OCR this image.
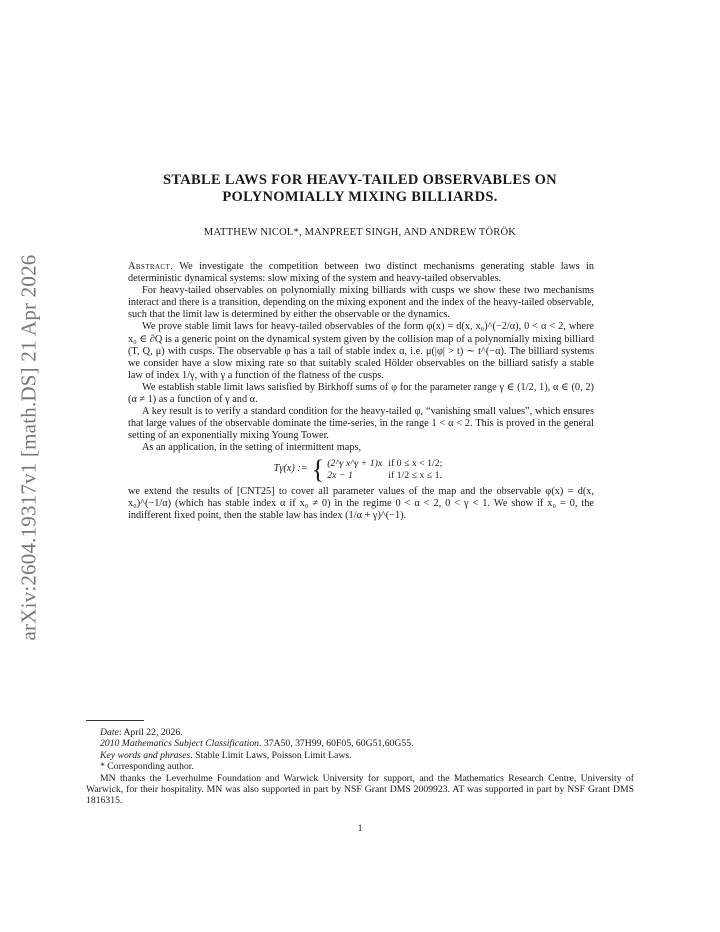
arXiv:2604.19317v1 [math.DS] 21 Apr 2026
STABLE LAWS FOR HEAVY-TAILED OBSERVABLES ON
POLYNOMIALLY MIXING BILLIARDS.

MATTHEW NICOL*, MANPREET SINGH, AND ANDREW TÖRÖK

Abstract. We investigate the competition between two distinct mechanisms generating stable laws in deterministic dynamical systems: slow mixing of the system and heavy-tailed observables.

For heavy-tailed observables on polynomially mixing billiards with cusps we show these two mechanisms interact and there is a transition, depending on the mixing exponent and the index of the heavy-tailed observable, such that the limit law is determined by either the observable or the dynamics.

We prove stable limit laws for heavy-tailed observables of the form φ(x) = d(x, x₀)^(−2/α), 0 < α < 2, where x₀ ∈ ∂Q is a generic point on the dynamical system given by the collision map of a polynomially mixing billiard (T, Q, μ) with cusps. The observable φ has a tail of stable index α, i.e. μ(|φ| > t) ∼ t^(−α). The billiard systems we consider have a slow mixing rate so that suitably scaled Hölder observables on the billiard satisfy a stable law of index 1/γ, with γ a function of the flatness of the cusps.

We establish stable limit laws satisfied by Birkhoff sums of φ for the parameter range γ ∈ (1/2, 1), α ∈ (0, 2) (α ≠ 1) as a function of γ and α.

A key result is to verify a standard condition for the heavy-tailed φ, “vanishing small values”, which ensures that large values of the observable dominate the time-series, in the range 1 < α < 2. This is proved in the general setting of an exponentially mixing Young Tower.

As an application, in the setting of intermittent maps,

Tγ(x) := { (2^γ x^γ + 1)x	if 0 ≤ x < 1/2;
2x − 1	if 1/2 ≤ x ≤ 1.

we extend the results of [CNT25] to cover all parameter values of the map and the observable φ(x) = d(x, x₀)^(−1/α) (which has stable index α if x₀ ≠ 0) in the regime 0 < α < 2, 0 < γ < 1. We show if x₀ = 0, the indifferent fixed point, then the stable law has index (1/α + γ)^(−1).

Date: April 22, 2026.

2010 Mathematics Subject Classification. 37A50, 37H99, 60F05, 60G51,60G55.

Key words and phrases. Stable Limit Laws, Poisson Limit Laws.

* Corresponding author.

MN thanks the Leverhulme Foundation and Warwick University for support, and the Mathematics Research Centre, University of Warwick, for their hospitality. MN was also supported in part by NSF Grant DMS 2009923. AT was supported in part by NSF Grant DMS 1816315.

1
